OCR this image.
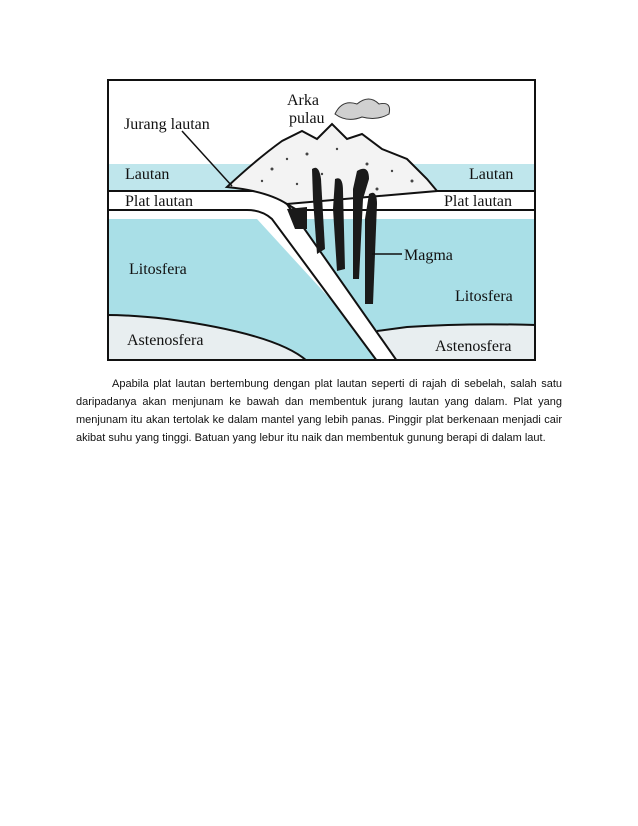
Arka
pulau
Jurang lautan
Lautan	Lautan
Plat lautan	Plat lautan
Litosfera
Magma
Litosfera
Astenosfera	Astenosfera

Apabila plat lautan bertembung dengan plat lautan seperti di rajah di sebelah, salah satu daripadanya akan menjunam ke bawah dan membentuk jurang lautan yang dalam. Plat yang menjunam itu akan tertolak ke dalam mantel yang lebih panas. Pinggir plat berkenaan menjadi cair akibat suhu yang tinggi. Batuan yang lebur itu naik dan membentuk gunung berapi di dalam laut.
